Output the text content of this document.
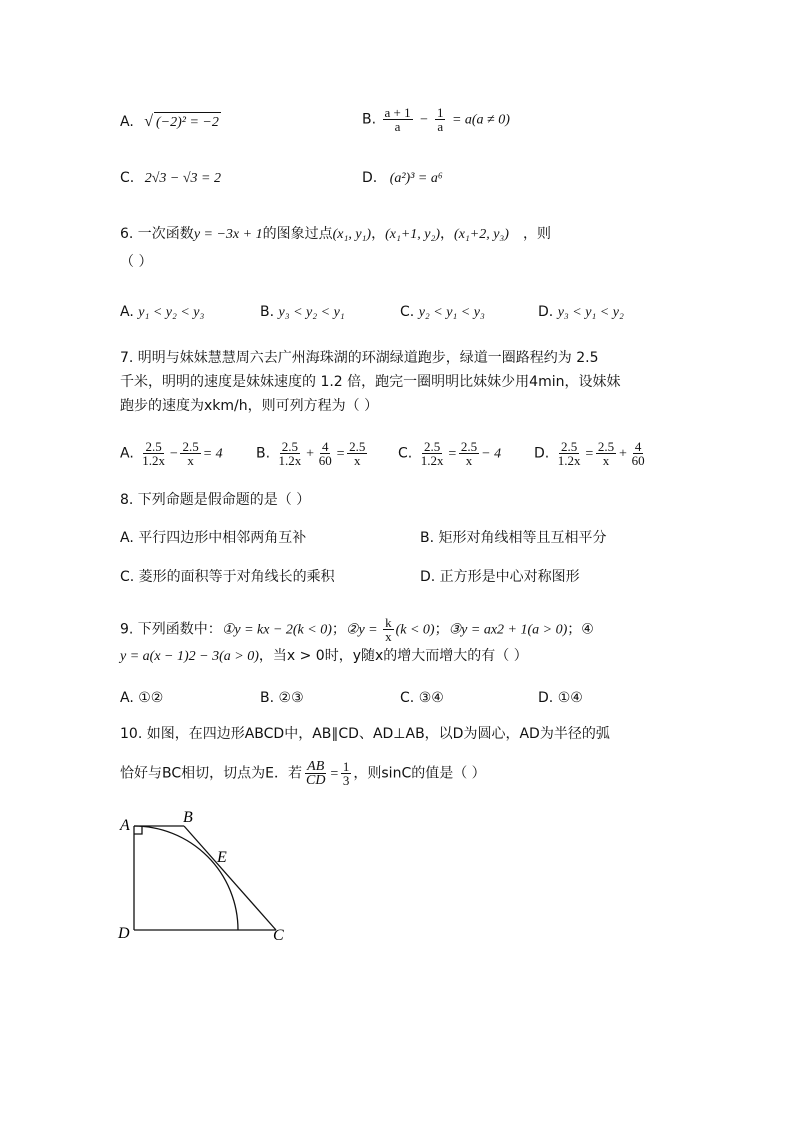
A. √ (−2)² = −2	B. $\frac{a + 1}{a} - \frac{1}{a} = a(a \ne 0)$
C. 2√3 − √3 = 2	D. (a²)³ = a⁶
6. 一次函数y = −3x + 1的图象过点(x₁, y₁)，(x₁+1, y₂)，(x₁+2, y₃) ，则
（ ）
A. y₁ < y₂ < y₃	B. y₃ < y₂ < y₁	C. y₂ < y₁ < y₃	D. y₃ < y₁ < y₂
7. 明明与妹妹慧慧周六去广州海珠湖的环湖绿道跑步，绿道一圈路程约为 2.5
千米，明明的速度是妹妹速度的 1.2 倍，跑完一圈明明比妹妹少用4min，设妹妹
跑步的速度为xkm/h，则可列方程为（ ）
A. $\frac{2.5}{1.2x} - \frac{2.5}{x} = 4$ B. $\frac{2.5}{1.2x} + \frac{4}{60} = \frac{2.5}{x} C$. $\frac{2.5}{1.2x} = \frac{2.5}{x} - 4$ D. $\frac{2.5}{1.2x} = \frac{2.5}{x} + \frac{4}{60}$
8. 下列命题是假命题的是（ ）
A. 平行四边形中相邻两角互补	B. 矩形对角线相等且互相平分
C. 菱形的面积等于对角线长的乘积	D. 正方形是中心对称图形
9. 下列函数中：①y = kx − 2(k < 0)；②y = $\frac{k}{x} (k < 0)$；③y = ax2 + 1(a > 0)；④
y = a(x − 1)2 − 3(a > 0)，当x > 0时，y随x的增大而增大的有（ ）
A. ①②	B. ②③	C. ③④	D. ①④
10. 如图，在四边形ABCD中，AB∥CD、AD⊥AB，以D为圆心，AD为半径的弧
恰好与BC相切，切点为E．若 $\frac{AB}{CD} = \frac{1}{3}$ ，则sinC的值是（ ）
A	B
E
D	C
